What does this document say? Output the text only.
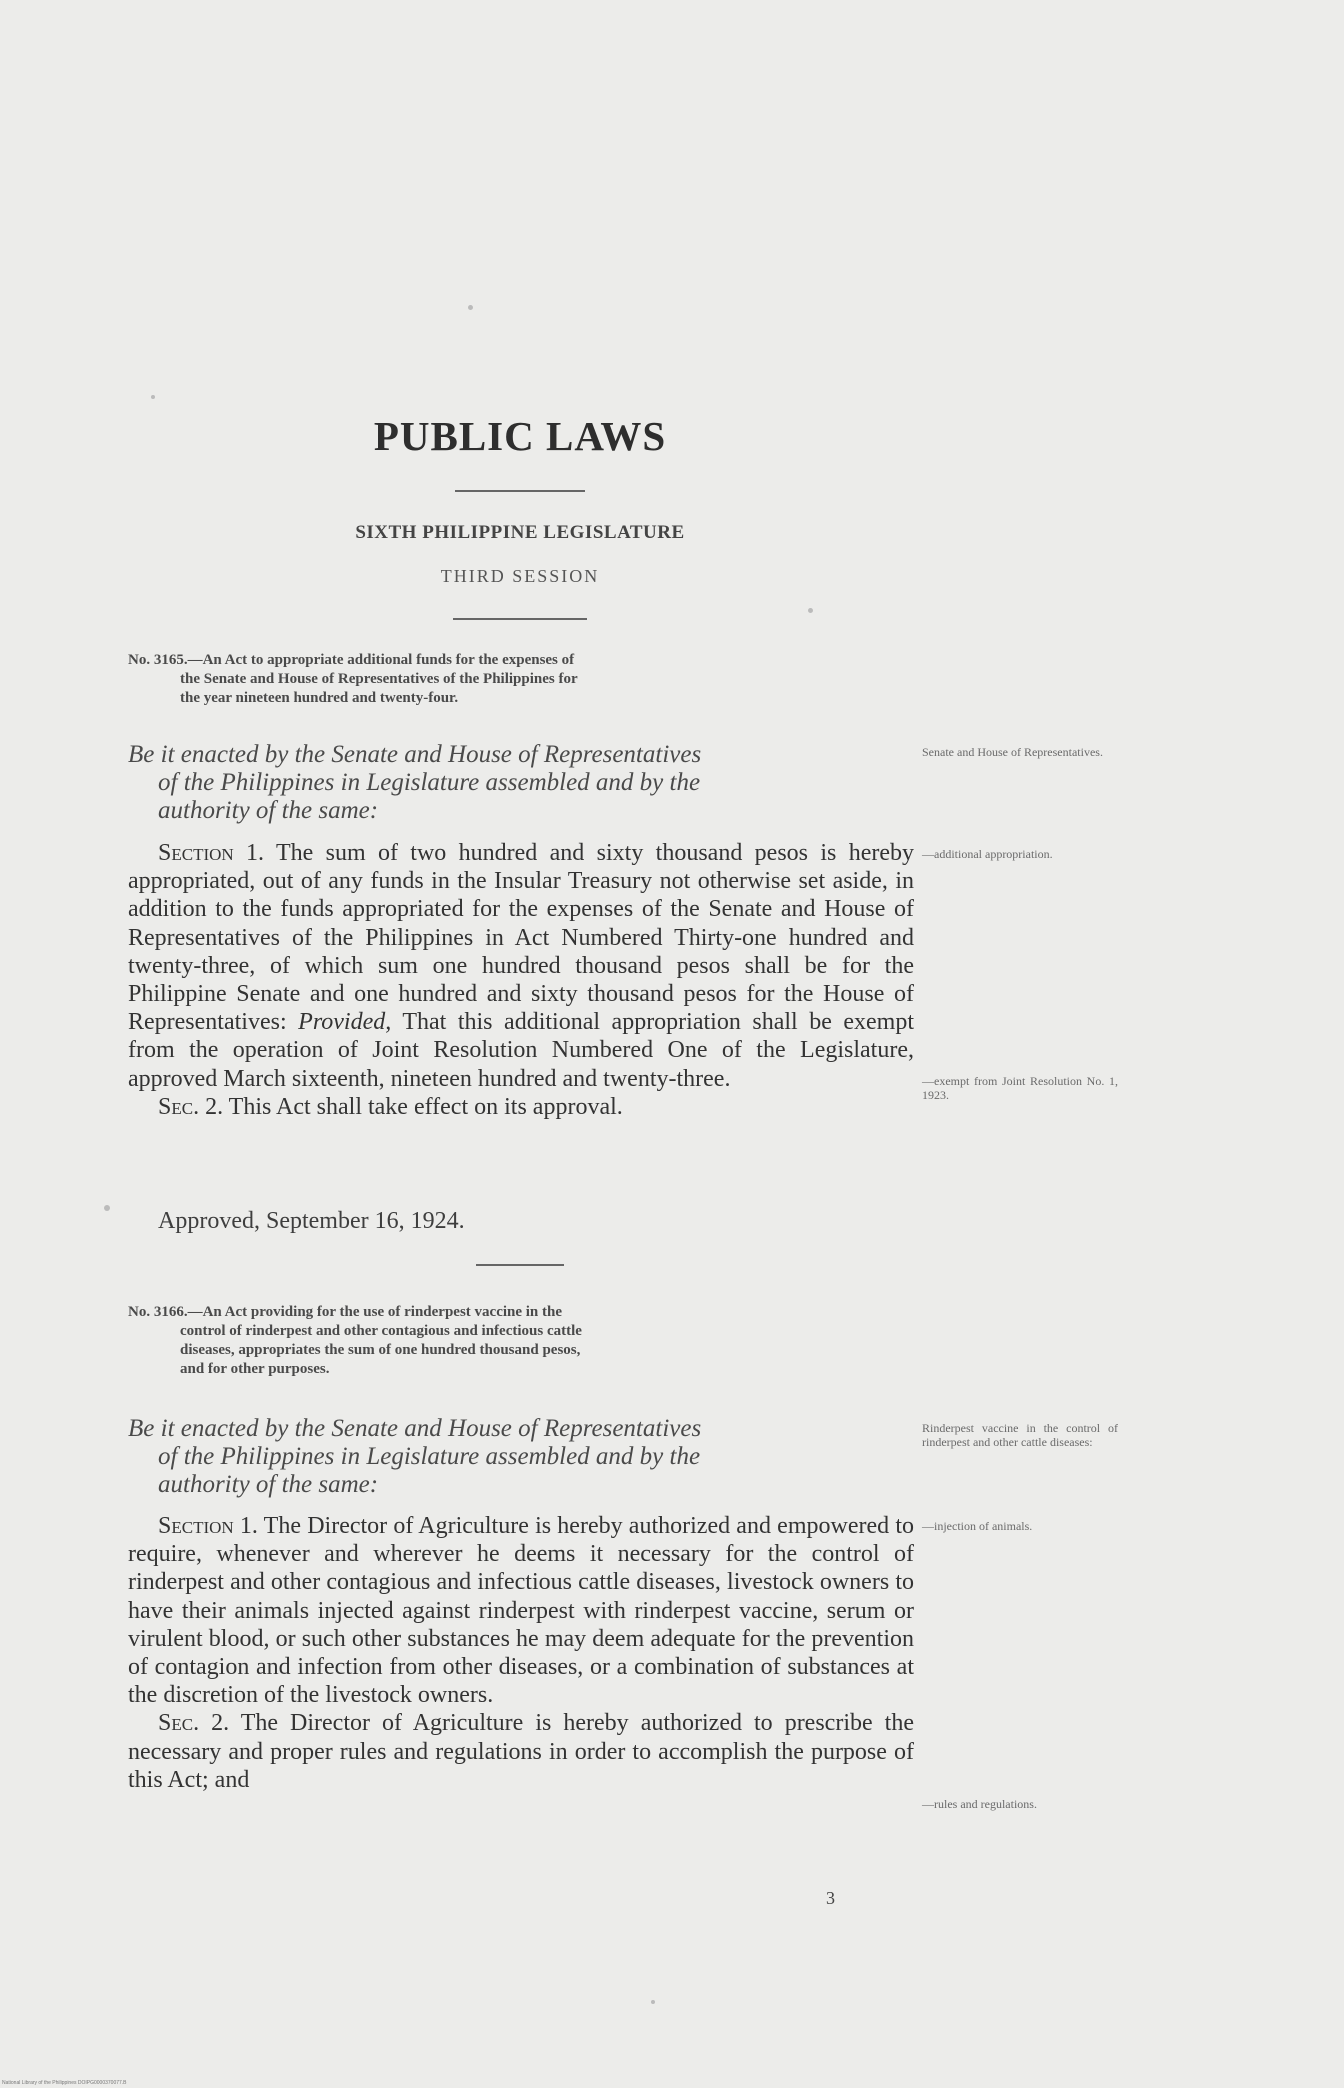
PUBLIC LAWS
SIXTH PHILIPPINE LEGISLATURE
THIRD SESSION

No. 3165.—An Act to appropriate additional funds for the expenses of

the Senate and House of Representatives of the Philippines for

the year nineteen hundred and twenty-four.

Be it enacted by the Senate and House of Representatives

of the Philippines in Legislature assembled and by the

authority of the same:

Senate and House of Representatives.

Section 1. The sum of two hundred and sixty thousand pesos is hereby appropriated, out of any funds in the Insular Treasury not otherwise set aside, in addition to the funds appropriated for the expenses of the Senate and House of Representatives of the Philippines in Act Numbered Thirty-one hundred and twenty-three, of which sum one hundred thousand pesos shall be for the Philippine Senate and one hundred and sixty thousand pesos for the House of Representatives: Provided, That this additional appropriation shall be exempt from the operation of Joint Resolution Numbered One of the Legislature, approved March sixteenth, nineteen hundred and twenty-three.

Sec. 2. This Act shall take effect on its approval.

—additional appropriation.
—exempt from Joint Resolution No. 1, 1923.
Approved, September 16, 1924.

No. 3166.—An Act providing for the use of rinderpest vaccine in the

control of rinderpest and other contagious and infectious cattle

diseases, appropriates the sum of one hundred thousand pesos,

and for other purposes.

Be it enacted by the Senate and House of Representatives

of the Philippines in Legislature assembled and by the

authority of the same:

Rinderpest vaccine in the control of rinderpest and other cattle diseases:

Section 1. The Director of Agriculture is hereby authorized and empowered to require, whenever and wherever he deems it necessary for the control of rinderpest and other contagious and infectious cattle diseases, livestock owners to have their animals injected against rinderpest with rinderpest vaccine, serum or virulent blood, or such other substances he may deem adequate for the prevention of contagion and infection from other diseases, or a combination of substances at the discretion of the livestock owners.

Sec. 2. The Director of Agriculture is hereby authorized to prescribe the necessary and proper rules and regulations in order to accomplish the purpose of this Act; and

—injection of animals.
—rules and regulations.
3
National Library of the Philippines DOIPG0000370077.B
